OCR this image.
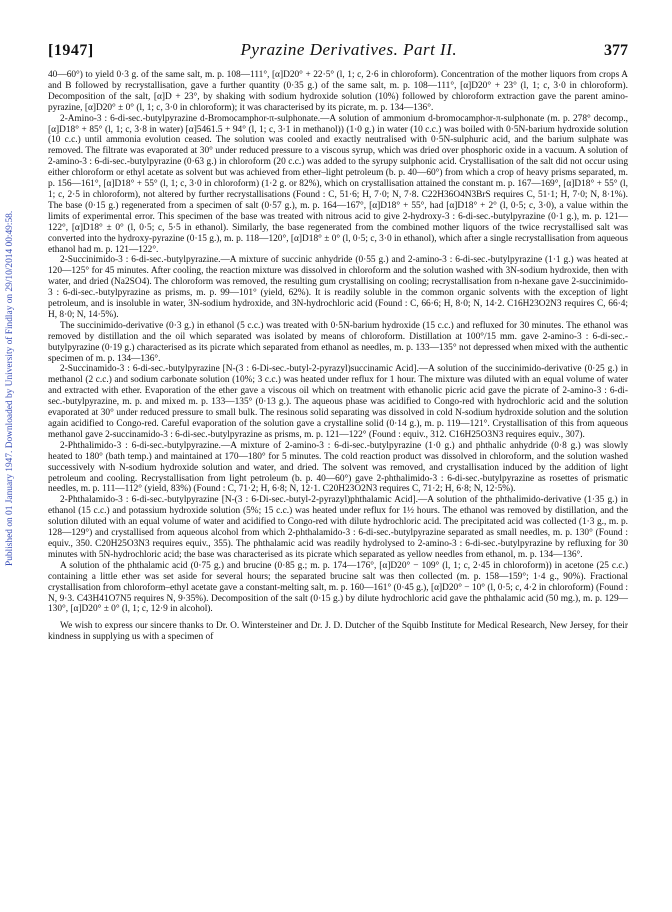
Published on 01 January 1947. Downloaded by University of Findlay on 29/10/2014 00:49:58.
[1947]	Pyrazine Derivatives. Part II.	377

40—60°) to yield 0·3 g. of the same salt, m. p. 108—111°, [α]D20° + 22·5° (l, 1; c, 2·6 in chloroform). Concentration of the mother liquors from crops A and B followed by recrystallisation, gave a further quantity (0·35 g.) of the same salt, m. p. 108—111°, [α]D20° + 23° (l, 1; c, 3·0 in chloroform). Decomposition of the salt, [α]D + 23°, by shaking with sodium hydroxide solution (10%) followed by chloroform extraction gave the parent amino-pyrazine, [α]D20° ± 0° (l, 1; c, 3·0 in chloroform); it was characterised by its picrate, m. p. 134—136°.

2-Amino-3 : 6-di-sec.-butylpyrazine d-Bromocamphor-π-sulphonate.—A solution of ammonium d-bromocamphor-π-sulphonate (m. p. 278° decomp., [α]D18° + 85° (l, 1; c, 3·8 in water) [α]5461.5 + 94° (l, 1; c, 3·1 in methanol)) (1·0 g.) in water (10 c.c.) was boiled with 0·5N-barium hydroxide solution (10 c.c.) until ammonia evolution ceased. The solution was cooled and exactly neutralised with 0·5N-sulphuric acid, and the barium sulphate was removed. The filtrate was evaporated at 30° under reduced pressure to a viscous syrup, which was dried over phosphoric oxide in a vacuum. A solution of 2-amino-3 : 6-di-sec.-butylpyrazine (0·63 g.) in chloroform (20 c.c.) was added to the syrupy sulphonic acid. Crystallisation of the salt did not occur using either chloroform or ethyl acetate as solvent but was achieved from ether–light petroleum (b. p. 40—60°) from which a crop of heavy prisms separated, m. p. 156—161°, [α]D18° + 55° (l, 1; c, 3·0 in chloroform) (1·2 g. or 82%), which on crystallisation attained the constant m. p. 167—169°, [α]D18° + 55° (l, 1; c, 2·5 in chloroform), not altered by further recrystallisations (Found : C, 51·6; H, 7·0; N, 7·8. C22H36O4N3BrS requires C, 51·1; H, 7·0; N, 8·1%). The base (0·15 g.) regenerated from a specimen of salt (0·57 g.), m. p. 164—167°, [α]D18° + 55°, had [α]D18° + 2° (l, 0·5; c, 3·0), a value within the limits of experimental error. This specimen of the base was treated with nitrous acid to give 2-hydroxy-3 : 6-di-sec.-butylpyrazine (0·1 g.), m. p. 121—122°, [α]D18° ± 0° (l, 0·5; c, 5·5 in ethanol). Similarly, the base regenerated from the combined mother liquors of the twice recrystallised salt was converted into the hydroxy-pyrazine (0·15 g.), m. p. 118—120°, [α]D18° ± 0° (l, 0·5; c, 3·0 in ethanol), which after a single recrystallisation from aqueous ethanol had m. p. 121—122°.

2-Succinimido-3 : 6-di-sec.-butylpyrazine.—A mixture of succinic anhydride (0·55 g.) and 2-amino-3 : 6-di-sec.-butylpyrazine (1·1 g.) was heated at 120—125° for 45 minutes. After cooling, the reaction mixture was dissolved in chloroform and the solution washed with 3N-sodium hydroxide, then with water, and dried (Na2SO4). The chloroform was removed, the resulting gum crystallising on cooling; recrystallisation from n-hexane gave 2-succinimido-3 : 6-di-sec.-butylpyrazine as prisms, m. p. 99—101° (yield, 62%). It is readily soluble in the common organic solvents with the exception of light petroleum, and is insoluble in water, 3N-sodium hydroxide, and 3N-hydrochloric acid (Found : C, 66·6; H, 8·0; N, 14·2. C16H23O2N3 requires C, 66·4; H, 8·0; N, 14·5%).

The succinimido-derivative (0·3 g.) in ethanol (5 c.c.) was treated with 0·5N-barium hydroxide (15 c.c.) and refluxed for 30 minutes. The ethanol was removed by distillation and the oil which separated was isolated by means of chloroform. Distillation at 100°/15 mm. gave 2-amino-3 : 6-di-sec.-butylpyrazine (0·19 g.) characterised as its picrate which separated from ethanol as needles, m. p. 133—135° not depressed when mixed with the authentic specimen of m. p. 134—136°.

2-Succinamido-3 : 6-di-sec.-butylpyrazine [N-(3 : 6-Di-sec.-butyl-2-pyrazyl)succinamic Acid].—A solution of the succinimido-derivative (0·25 g.) in methanol (2 c.c.) and sodium carbonate solution (10%; 3 c.c.) was heated under reflux for 1 hour. The mixture was diluted with an equal volume of water and extracted with ether. Evaporation of the ether gave a viscous oil which on treatment with ethanolic picric acid gave the picrate of 2-amino-3 : 6-di-sec.-butylpyrazine, m. p. and mixed m. p. 133—135° (0·13 g.). The aqueous phase was acidified to Congo-red with hydrochloric acid and the solution evaporated at 30° under reduced pressure to small bulk. The resinous solid separating was dissolved in cold N-sodium hydroxide solution and the solution again acidified to Congo-red. Careful evaporation of the solution gave a crystalline solid (0·14 g.), m. p. 119—121°. Crystallisation of this from aqueous methanol gave 2-succinamido-3 : 6-di-sec.-butylpyrazine as prisms, m. p. 121—122° (Found : equiv., 312. C16H25O3N3 requires equiv., 307).

2-Phthalimido-3 : 6-di-sec.-butylpyrazine.—A mixture of 2-amino-3 : 6-di-sec.-butylpyrazine (1·0 g.) and phthalic anhydride (0·8 g.) was slowly heated to 180° (bath temp.) and maintained at 170—180° for 5 minutes. The cold reaction product was dissolved in chloroform, and the solution washed successively with N-sodium hydroxide solution and water, and dried. The solvent was removed, and crystallisation induced by the addition of light petroleum and cooling. Recrystallisation from light petroleum (b. p. 40—60°) gave 2-phthalimido-3 : 6-di-sec.-butylpyrazine as rosettes of prismatic needles, m. p. 111—112° (yield, 83%) (Found : C, 71·2; H, 6·8; N, 12·1. C20H23O2N3 requires C, 71·2; H, 6·8; N, 12·5%).

2-Phthalamido-3 : 6-di-sec.-butylpyrazine [N-(3 : 6-Di-sec.-butyl-2-pyrazyl)phthalamic Acid].—A solution of the phthalimido-derivative (1·35 g.) in ethanol (15 c.c.) and potassium hydroxide solution (5%; 15 c.c.) was heated under reflux for 1½ hours. The ethanol was removed by distillation, and the solution diluted with an equal volume of water and acidified to Congo-red with dilute hydrochloric acid. The precipitated acid was collected (1·3 g., m. p. 128—129°) and crystallised from aqueous alcohol from which 2-phthalamido-3 : 6-di-sec.-butylpyrazine separated as small needles, m. p. 130° (Found : equiv., 350. C20H25O3N3 requires equiv., 355). The phthalamic acid was readily hydrolysed to 2-amino-3 : 6-di-sec.-butylpyrazine by refluxing for 30 minutes with 5N-hydrochloric acid; the base was characterised as its picrate which separated as yellow needles from ethanol, m. p. 134—136°.

A solution of the phthalamic acid (0·75 g.) and brucine (0·85 g.; m. p. 174—176°, [α]D20° − 109° (l, 1; c, 2·45 in chloroform)) in acetone (25 c.c.) containing a little ether was set aside for several hours; the separated brucine salt was then collected (m. p. 158—159°; 1·4 g., 90%). Fractional crystallisation from chloroform–ethyl acetate gave a constant-melting salt, m. p. 160—161° (0·45 g.), [α]D20° − 10° (l, 0·5; c, 4·2 in chloroform) (Found : N, 9·3. C43H41O7N5 requires N, 9·35%). Decomposition of the salt (0·15 g.) by dilute hydrochloric acid gave the phthalamic acid (50 mg.), m. p. 129—130°, [α]D20° ± 0° (l, 1; c, 12·9 in alcohol).

We wish to express our sincere thanks to Dr. O. Wintersteiner and Dr. J. D. Dutcher of the Squibb Institute for Medical Research, New Jersey, for their kindness in supplying us with a specimen of
